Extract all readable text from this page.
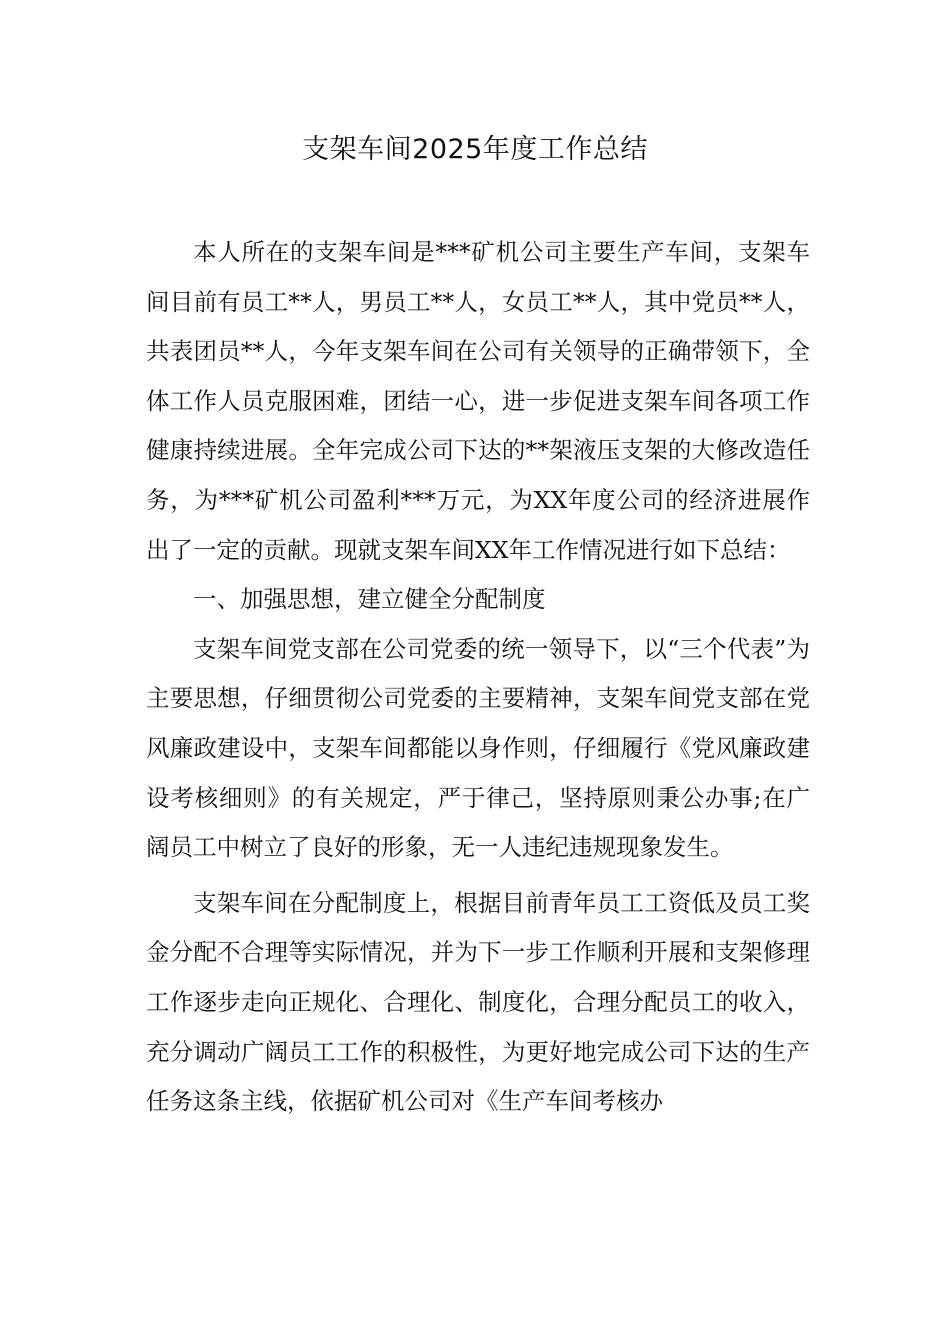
支架车间2025年度工作总结

本人所在的支架车间是***矿机公司主要生产车间，支架车间目前有员工**人，男员工**人，女员工**人，其中党员**人，共表团员**人，今年支架车间在公司有关领导的正确带领下，全体工作人员克服困难，团结一心，进一步促进支架车间各项工作健康持续进展。全年完成公司下达的**架液压支架的大修改造任务，为***矿机公司盈利***万元，为XX年度公司的经济进展作出了一定的贡献。现就支架车间XX年工作情况进行如下总结：

一、加强思想，建立健全分配制度

支架车间党支部在公司党委的统一领导下，以“三个代表”为主要思想，仔细贯彻公司党委的主要精神，支架车间党支部在党风廉政建设中，支架车间都能以身作则，仔细履行《党风廉政建设考核细则》的有关规定，严于律己，坚持原则秉公办事;在广阔员工中树立了良好的形象，无一人违纪违规现象发生。

支架车间在分配制度上，根据目前青年员工工资低及员工奖金分配不合理等实际情况，并为下一步工作顺利开展和支架修理工作逐步走向正规化、合理化、制度化，合理分配员工的收入，充分调动广阔员工工作的积极性，为更好地完成公司下达的生产任务这条主线，依据矿机公司对《生产车间考核办
